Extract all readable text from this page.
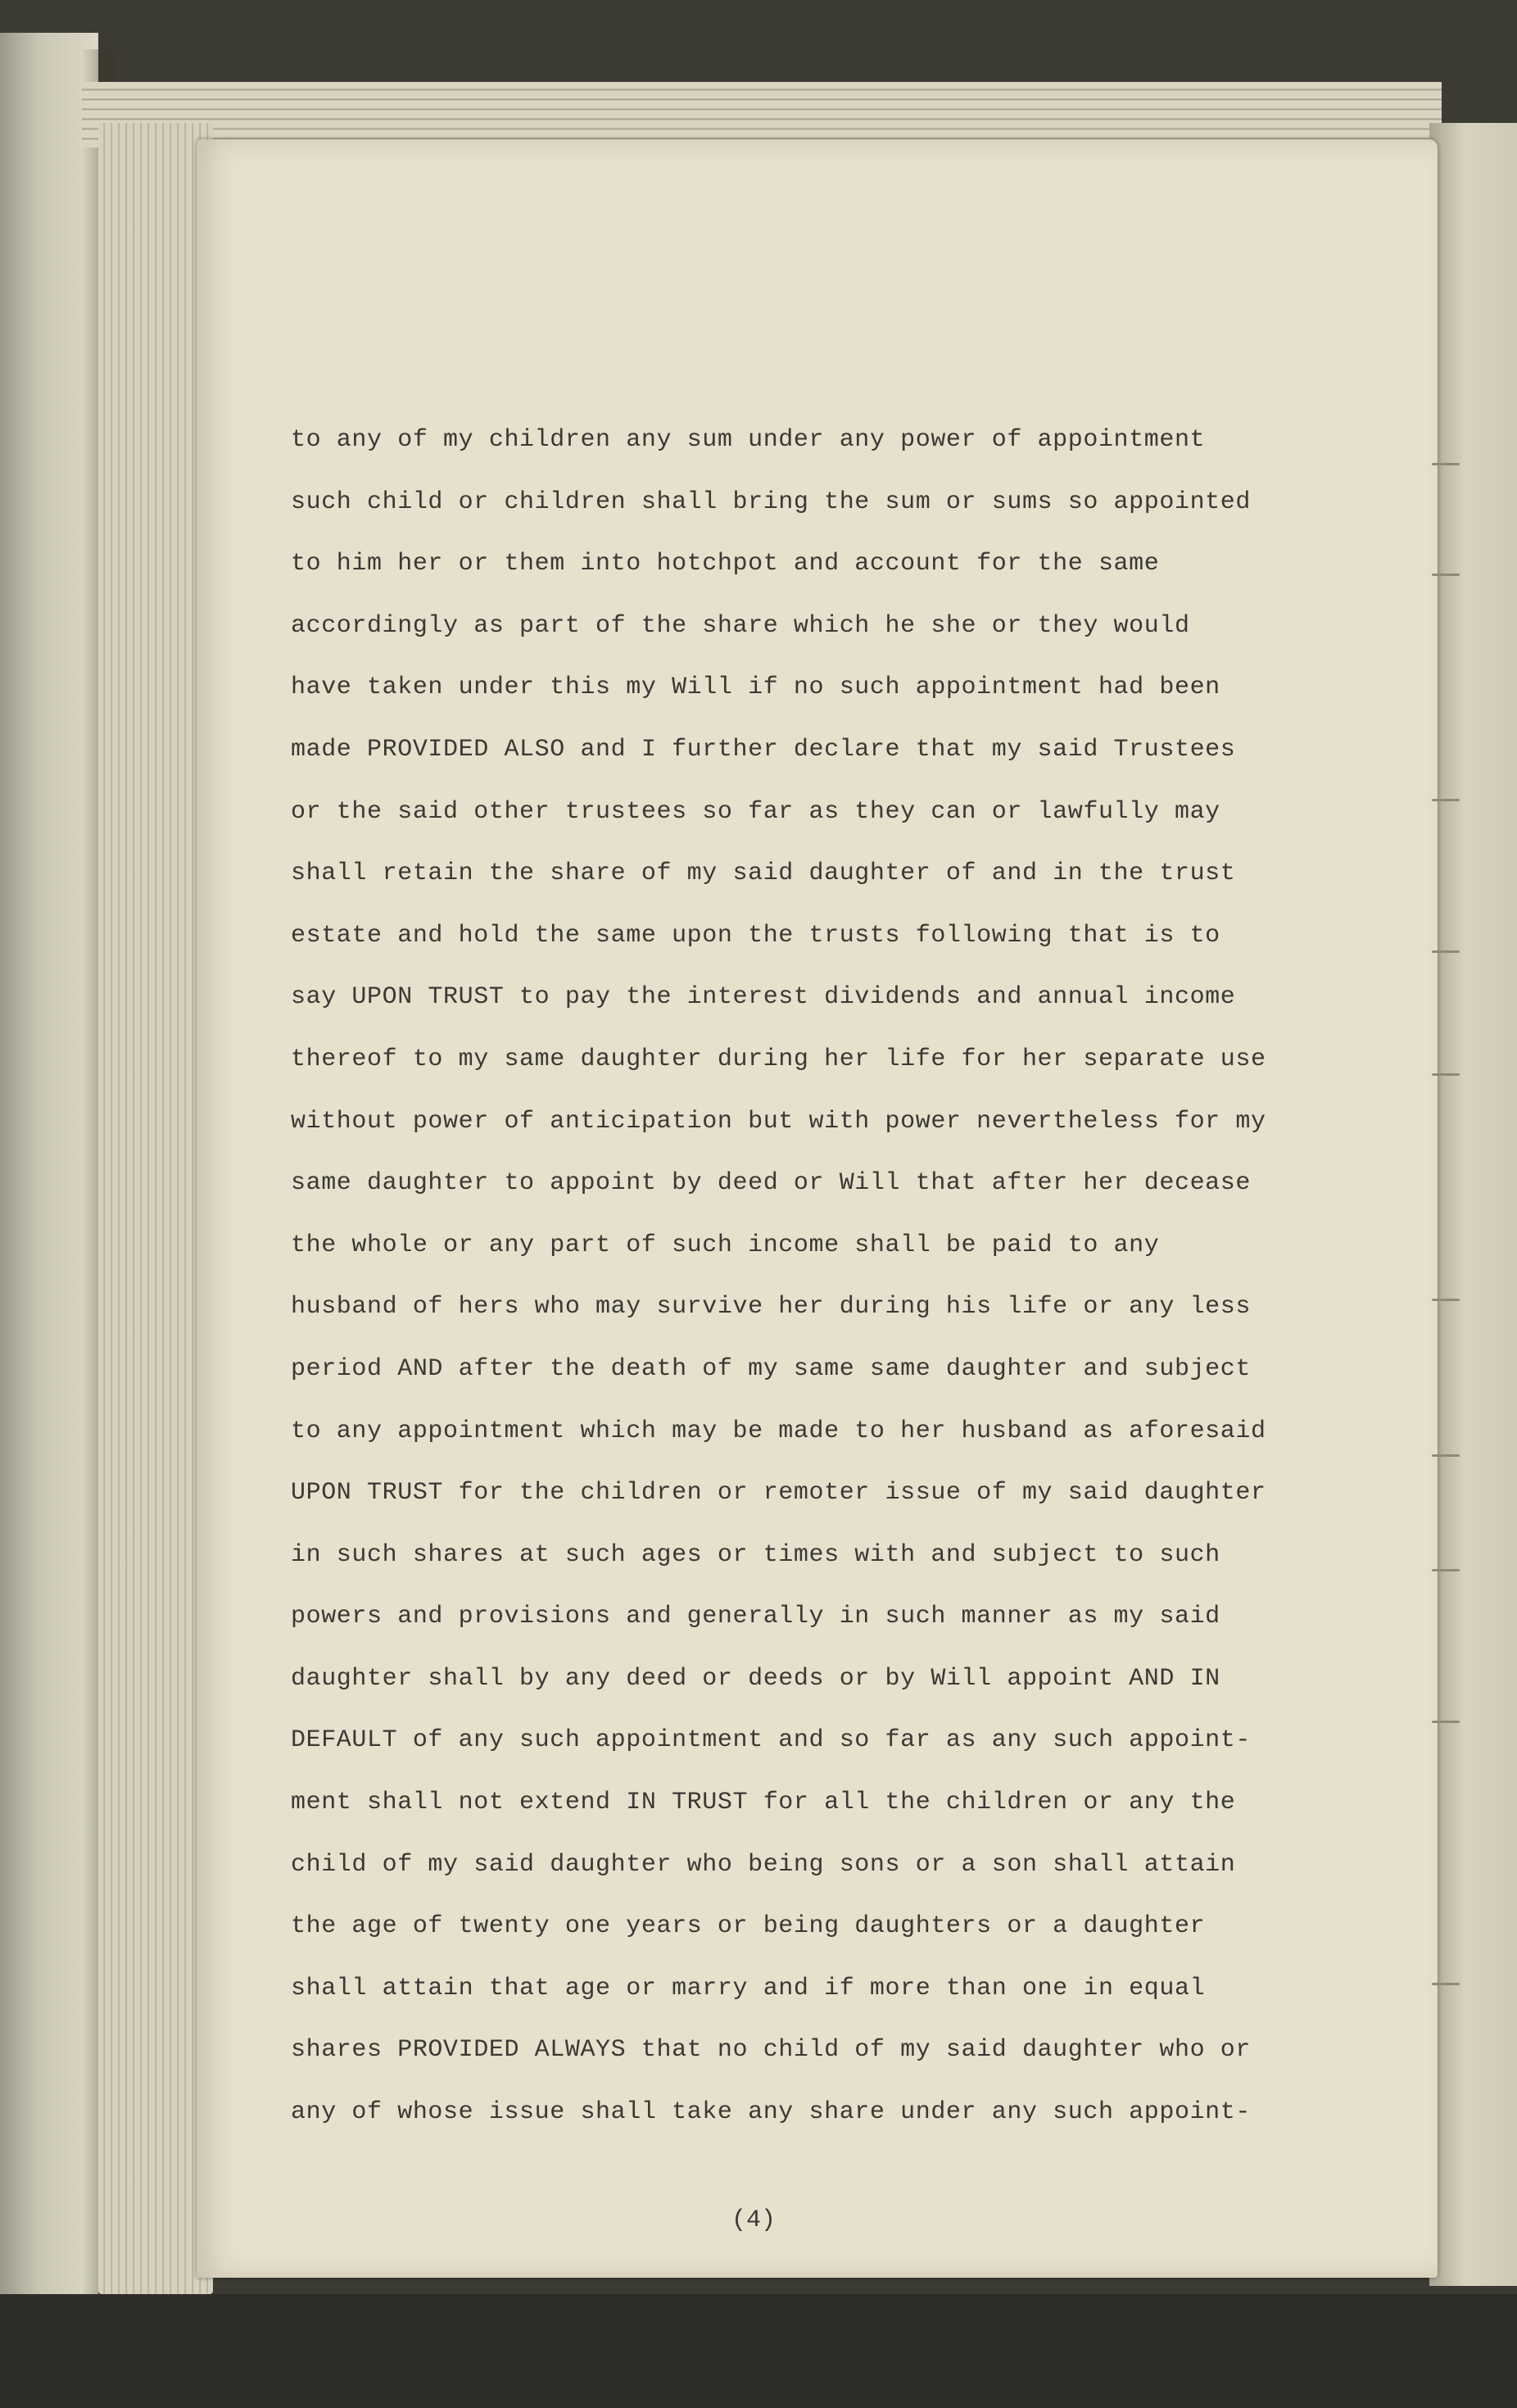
to any of my children any sum under any power of appointment
such child or children shall bring the sum or sums so appointed
to him her or them into hotchpot and account for the same
accordingly as part of the share which he she or they would
have taken under this my Will if no such appointment had been
made PROVIDED ALSO and I further declare that my said Trustees
or the said other trustees so far as they can or lawfully may
shall retain the share of my said daughter of and in the trust
estate and hold the same upon the trusts following that is to
say UPON TRUST to pay the interest dividends and annual income
thereof to my same daughter during her life for her separate use
without power of anticipation but with power nevertheless for my
same daughter to appoint by deed or Will that after her decease
the whole or any part of such income shall be paid to any
husband of hers who may survive her during his life or any less
period AND after the death of my same same daughter and subject
to any appointment which may be made to her husband as aforesaid
UPON TRUST for the children or remoter issue of my said daughter
in such shares at such ages or times with and subject to such
powers and provisions and generally in such manner as my said
daughter shall by any deed or deeds or by Will appoint AND IN
DEFAULT of any such appointment and so far as any such appoint-
ment shall not extend IN TRUST for all the children or any the
child of my said daughter who being sons or a son shall attain
the age of twenty one years or being daughters or a daughter
shall attain that age or marry and if more than one in equal
shares PROVIDED ALWAYS that no child of my said daughter who or
any of whose issue shall take any share under any such appoint-
(4)
